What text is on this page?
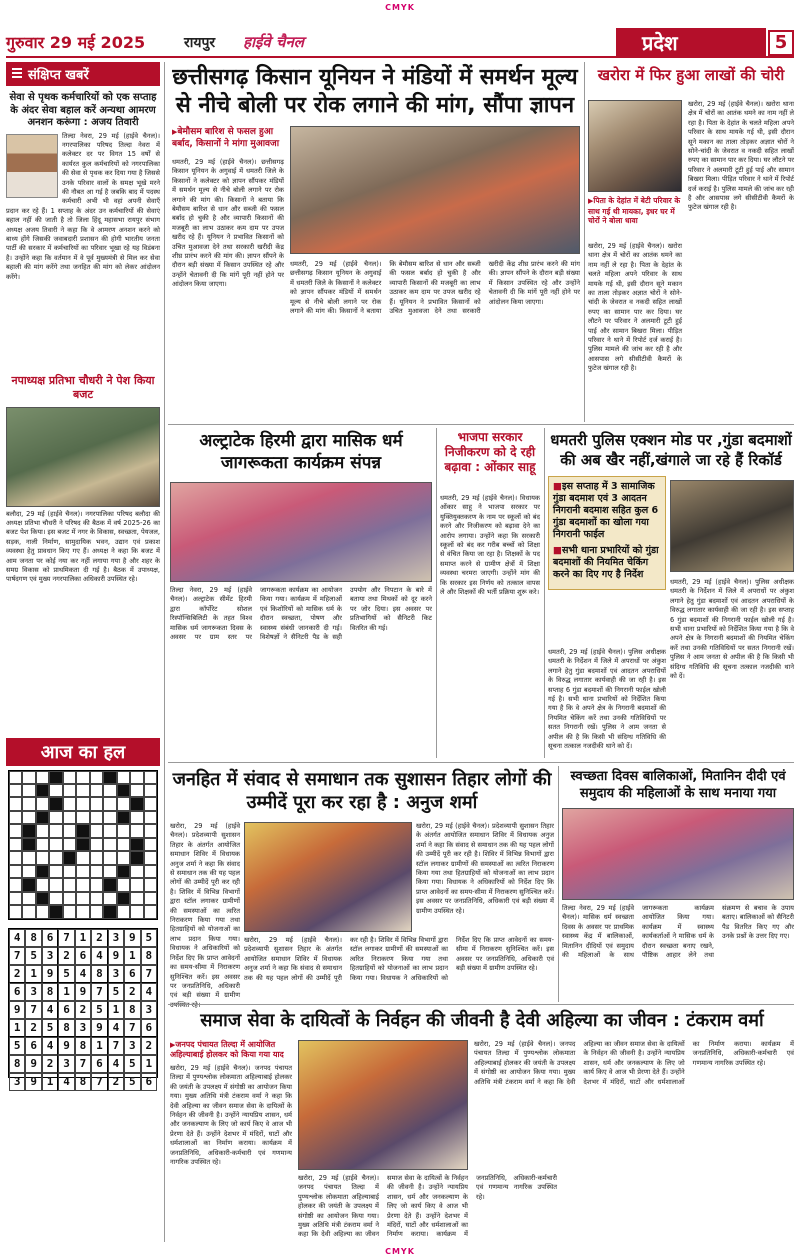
CMYK
गुरुवार 29 मई 2025	रायपुर हाईवे चैनल	प्रदेश	5
संक्षिप्त खबरें
सेवा से पृथक कर्मचारियों को एक सप्ताह के अंदर सेवा बहाल करें अन्यथा आमरण अनशन करूंगा : अजय तिवारी
तिल्दा नेवरा, 29 मई (हाईवे चैनल)। नगरपालिका परिषद तिल्दा नेवरा में कलेक्टर दर पर विगत 15 वर्षों से कार्यरत कुल कर्मचारियों को नगरपालिका की सेवा से पृथक कर दिया गया है जिससे उनके परिवार वालों के समक्ष भूखे मरने की नौबत आ गई है जबकि बाद में पदस्थ कर्मचारी अभी भी वहां अपनी सेवाएँ प्रदान कर रहे हैं। 1 सप्ताह के अंदर उन कर्मचारियों की सेवाएं बहाल नहीं की जाती है तो जिला हिंदू महासभा रायपुर संभाग अध्यक्ष अजय तिवारी ने कहा कि वे आमरण अनशन करने को बाध्य होंगे जिसकी जवाबदारी प्रशासन की होगी भारतीय जनता पार्टी की सरकार में कर्मचारियों का परिवार भूखा रहे यह विडंबना है। उन्होंने कहा कि वर्तमान में वे पूर्व मुख्यमंत्री से मिल कर सेवा बहाली की मांग करेंगे तथा जनहित की मांग को लेकर आंदोलन करेंगे।
नपाध्यक्ष प्रतिभा चौधरी ने पेश किया बजट
बलौदा, 29 मई (हाईवे चैनल)। नगरपालिका परिषद बलौदा की अध्यक्ष प्रतिभा चौधरी ने परिषद की बैठक में वर्ष 2025-26 का बजट पेश किया। इस बजट में नगर के विकास, स्वच्छता, पेयजल, सड़क, नाली निर्माण, सामुदायिक भवन, उद्यान एवं प्रकाश व्यवस्था हेतु प्रावधान किए गए हैं। अध्यक्ष ने कहा कि बजट में आम जनता पर कोई नया कर नहीं लगाया गया है और शहर के समग्र विकास को प्राथमिकता दी गई है। बैठक में उपाध्यक्ष, पार्षदगण एवं मुख्य नगरपालिका अधिकारी उपस्थित रहे।
आज का हल
4 8 6 7 1 2 3 9 5
7 5 3 2 6 4 9 1 8
2 1 9 5 4 8 3 6 7
6 3 8 1 9 7 5 2 4
9 7 4 6 2 5 1 8 3
1 2 5 8 3 9 4 7 6
5 6 4 9 8 1 7 3 2
8 9 2 3 7 6 4 5 1
3 9 1 4 8 7 2 5 6
छत्तीसगढ़ किसान यूनियन ने मंडियों में समर्थन मूल्य से नीचे बोली पर रोक लगाने की मांग, सौंपा ज्ञापन
▶ बेमौसम बारिश से फसल हुआ बर्बाद, किसानों ने मांगा मुआवजा
धमतरी, 29 मई (हाईवे चैनल)। छत्तीसगढ़ किसान यूनियन के अगुवाई में धमतरी जिले के किसानों ने कलेक्टर को ज्ञापन सौंपकर मंडियों में समर्थन मूल्य से नीचे बोली लगाने पर रोक लगाने की मांग की। किसानों ने बताया कि बेमौसम बारिश से धान और सब्जी की फसल बर्बाद हो चुकी है और व्यापारी किसानों की मजबूरी का लाभ उठाकर कम दाम पर उपज खरीद रहे हैं। यूनियन ने प्रभावित किसानों को उचित मुआवजा देने तथा सरकारी खरीदी केंद्र शीघ्र प्रारंभ करने की मांग की। ज्ञापन सौंपने के दौरान बड़ी संख्या में किसान उपस्थित रहे और उन्होंने चेतावनी दी कि मांगें पूरी नहीं होने पर आंदोलन किया जाएगा।
धमतरी, 29 मई (हाईवे चैनल)। छत्तीसगढ़ किसान यूनियन के अगुवाई में धमतरी जिले के किसानों ने कलेक्टर को ज्ञापन सौंपकर मंडियों में समर्थन मूल्य से नीचे बोली लगाने पर रोक लगाने की मांग की। किसानों ने बताया कि बेमौसम बारिश से धान और सब्जी की फसल बर्बाद हो चुकी है और व्यापारी किसानों की मजबूरी का लाभ उठाकर कम दाम पर उपज खरीद रहे हैं। यूनियन ने प्रभावित किसानों को उचित मुआवजा देने तथा सरकारी खरीदी केंद्र शीघ्र प्रारंभ करने की मांग की। ज्ञापन सौंपने के दौरान बड़ी संख्या में किसान उपस्थित रहे और उन्होंने चेतावनी दी कि मांगें पूरी नहीं होने पर आंदोलन किया जाएगा।
खरोरा में फिर हुआ लाखों की चोरी
▶ पिता के देहांत में बेटी परिवार के साथ गई थी मायका, इधर घर में चोरों ने बोला धावा
खरोरा, 29 मई (हाईवे चैनल)। खरोरा थाना क्षेत्र में चोरों का आतंक थमने का नाम नहीं ले रहा है। पिता के देहांत के चलते महिला अपने परिवार के साथ मायके गई थी, इसी दौरान सूने मकान का ताला तोड़कर अज्ञात चोरों ने सोने-चांदी के जेवरात व नकदी सहित लाखों रुपए का सामान पार कर दिया। घर लौटने पर परिवार ने अलमारी टूटी हुई पाई और सामान बिखरा मिला। पीड़ित परिवार ने थाने में रिपोर्ट दर्ज कराई है। पुलिस मामले की जांच कर रही है और आसपास लगे सीसीटीवी कैमरों के फुटेज खंगाल रही है।
खरोरा, 29 मई (हाईवे चैनल)। खरोरा थाना क्षेत्र में चोरों का आतंक थमने का नाम नहीं ले रहा है। पिता के देहांत के चलते महिला अपने परिवार के साथ मायके गई थी, इसी दौरान सूने मकान का ताला तोड़कर अज्ञात चोरों ने सोने-चांदी के जेवरात व नकदी सहित लाखों रुपए का सामान पार कर दिया। घर लौटने पर परिवार ने अलमारी टूटी हुई पाई और सामान बिखरा मिला। पीड़ित परिवार ने थाने में रिपोर्ट दर्ज कराई है। पुलिस मामले की जांच कर रही है और आसपास लगे सीसीटीवी कैमरों के फुटेज खंगाल रही है।
अल्ट्राटेक हिरमी द्वारा मासिक धर्म जागरूकता कार्यक्रम संपन्न
तिल्दा नेवरा, 29 मई (हाईवे चैनल)। अल्ट्राटेक सीमेंट हिरमी द्वारा कॉर्पोरेट सोशल रिस्पॉन्सिबिलिटी के तहत विश्व मासिक धर्म जागरूकता दिवस के अवसर पर ग्राम स्तर पर जागरूकता कार्यक्रम का आयोजन किया गया। कार्यक्रम में महिलाओं एवं किशोरियों को मासिक धर्म के दौरान स्वच्छता, पोषण और स्वास्थ्य संबंधी जानकारी दी गई। विशेषज्ञों ने सैनिटरी पैड के सही उपयोग और निपटान के बारे में बताया तथा मिथकों को दूर करने पर जोर दिया। इस अवसर पर प्रतिभागियों को सैनिटरी किट वितरित की गई।
भाजपा सरकार निजीकरण को दे रही बढ़ावा : ओंकार साहू
धमतरी, 29 मई (हाईवे चैनल)। विधायक ओंकार साहू ने भाजपा सरकार पर युक्तियुक्तकरण के नाम पर स्कूलों को बंद करने और निजीकरण को बढ़ावा देने का आरोप लगाया। उन्होंने कहा कि सरकारी स्कूलों को बंद कर गरीब बच्चों को शिक्षा से वंचित किया जा रहा है। शिक्षकों के पद समाप्त करने से ग्रामीण क्षेत्रों में शिक्षा व्यवस्था चरमरा जाएगी। उन्होंने मांग की कि सरकार इस निर्णय को तत्काल वापस ले और शिक्षकों की भर्ती प्रक्रिया शुरू करे।
धमतरी पुलिस एक्शन मोड पर ,गुंडा बदमाशों की अब खैर नहीं,खंगाले जा रहे हैं रिकॉर्ड

■ इस सप्ताह में 3 सामाजिक गुंडा बदमाश एवं 3 आदतन निगरानी बदमाश सहित कुल 6 गुंडा बदमाशों का खोला गया निगरानी फाईल

■ सभी थाना प्रभारियों को गुंडा बदमाशों की नियमित चेकिंग करने का दिए गए है निर्देश

धमतरी, 29 मई (हाईवे चैनल)। पुलिस अधीक्षक धमतरी के निर्देशन में जिले में अपराधों पर अंकुश लगाने हेतु गुंडा बदमाशों एवं आदतन अपराधियों के विरुद्ध लगातार कार्यवाही की जा रही है। इस सप्ताह 6 गुंडा बदमाशों की निगरानी फाईल खोली गई है। सभी थाना प्रभारियों को निर्देशित किया गया है कि वे अपने क्षेत्र के निगरानी बदमाशों की नियमित चेकिंग करें तथा उनकी गतिविधियों पर सतत निगरानी रखें। पुलिस ने आम जनता से अपील की है कि किसी भी संदिग्ध गतिविधि की सूचना तत्काल नजदीकी थाने को दें।
धमतरी, 29 मई (हाईवे चैनल)। पुलिस अधीक्षक धमतरी के निर्देशन में जिले में अपराधों पर अंकुश लगाने हेतु गुंडा बदमाशों एवं आदतन अपराधियों के विरुद्ध लगातार कार्यवाही की जा रही है। इस सप्ताह 6 गुंडा बदमाशों की निगरानी फाईल खोली गई है। सभी थाना प्रभारियों को निर्देशित किया गया है कि वे अपने क्षेत्र के निगरानी बदमाशों की नियमित चेकिंग करें तथा उनकी गतिविधियों पर सतत निगरानी रखें। पुलिस ने आम जनता से अपील की है कि किसी भी संदिग्ध गतिविधि की सूचना तत्काल नजदीकी थाने को दें।
जनहित में संवाद से समाधान तक सुशासन तिहार लोगों की उम्मीदें पूरा कर रहा है : अनुज शर्मा
खरोरा, 29 मई (हाईवे चैनल)। प्रदेशव्यापी सुशासन तिहार के अंतर्गत आयोजित समाधान शिविर में विधायक अनुज शर्मा ने कहा कि संवाद से समाधान तक की यह पहल लोगों की उम्मीदें पूरी कर रही है। शिविर में विभिन्न विभागों द्वारा स्टॉल लगाकर ग्रामीणों की समस्याओं का त्वरित निराकरण किया गया तथा हितग्राहियों को योजनाओं का लाभ प्रदान किया गया। विधायक ने अधिकारियों को निर्देश दिए कि प्राप्त आवेदनों का समय-सीमा में निराकरण सुनिश्चित करें। इस अवसर पर जनप्रतिनिधि, अधिकारी एवं बड़ी संख्या में ग्रामीण
खरोरा, 29 मई (हाईवे चैनल)। प्रदेशव्यापी सुशासन तिहार के अंतर्गत आयोजित समाधान शिविर में विधायक अनुज शर्मा ने कहा कि संवाद से समाधान तक की यह पहल लोगों की उम्मीदें पूरी कर रही है। शिविर में विभिन्न विभागों द्वारा स्टॉल लगाकर ग्रामीणों की समस्याओं का त्वरित निराकरण किया गया तथा हितग्राहियों को योजनाओं का लाभ प्रदान किया गया। विधायक ने अधिकारियों को निर्देश दिए कि प्राप्त आवेदनों का समय-सीमा में निराकरण सुनिश्चित करें। इस अवसर पर जनप्रतिनिधि, अधिकारी एवं बड़ी संख्या में ग्रामीण उपस्थित रहे।
खरोरा, 29 मई (हाईवे चैनल)। प्रदेशव्यापी सुशासन तिहार के अंतर्गत आयोजित समाधान शिविर में विधायक अनुज शर्मा ने कहा कि संवाद से समाधान तक की यह पहल लोगों की उम्मीदें पूरी कर रही है। शिविर में विभिन्न विभागों द्वारा स्टॉल लगाकर ग्रामीणों की समस्याओं का त्वरित निराकरण किया गया तथा हितग्राहियों को योजनाओं का लाभ प्रदान किया गया। विधायक ने अधिकारियों को निर्देश दिए कि प्राप्त आवेदनों का समय-सीमा में निराकरण सुनिश्चित करें। इस अवसर पर जनप्रतिनिधि, अधिकारी एवं बड़ी संख्या में ग्रामीण उपस्थित रहे।
स्वच्छता दिवस बालिकाओं, मितानिन दीदी एवं समुदाय की महिलाओं के साथ मनाया गया
तिल्दा नेवरा, 29 मई (हाईवे चैनल)। मासिक धर्म स्वच्छता दिवस के अवसर पर प्राथमिक स्वास्थ्य केंद्र में बालिकाओं, मितानिन दीदियों एवं समुदाय की महिलाओं के साथ जागरूकता कार्यक्रम आयोजित किया गया। कार्यक्रम में स्वास्थ्य कार्यकर्ताओं ने मासिक धर्म के दौरान स्वच्छता बनाए रखने, पौष्टिक आहार लेने तथा संक्रमण से बचाव के उपाय बताए। बालिकाओं को सैनिटरी पैड वितरित किए गए और उनके प्रश्नों के उत्तर दिए गए।
समाज सेवा के दायित्वों के निर्वहन की जीवनी है देवी अहिल्या का जीवन : टंकराम वर्मा
▶ जनपद पंचायत तिल्दा में आयोजित अहिल्याबाई होलकर को किया गया याद
खरोरा, 29 मई (हाईवे चैनल)। जनपद पंचायत तिल्दा में पुण्यश्लोक लोकमाता अहिल्याबाई होलकर की जयंती के उपलक्ष्य में संगोष्ठी का आयोजन किया गया। मुख्य अतिथि मंत्री टंकराम वर्मा ने कहा कि देवी अहिल्या का जीवन समाज सेवा के दायित्वों के निर्वहन की जीवनी है। उन्होंने न्यायप्रिय शासन, धर्म और जनकल्याण के लिए जो कार्य किए वे आज भी प्रेरणा देते हैं। उन्होंने देशभर में मंदिरों, घाटों और धर्मशालाओं का निर्माण कराया। कार्यक्रम में जनप्रतिनिधि, अधिकारी-कर्मचारी एवं गणमान्य नागरिक उपस्थित रहे।
खरोरा, 29 मई (हाईवे चैनल)। जनपद पंचायत तिल्दा में पुण्यश्लोक लोकमाता अहिल्याबाई होलकर की जयंती के उपलक्ष्य में संगोष्ठी का आयोजन किया गया। मुख्य अतिथि मंत्री टंकराम वर्मा ने कहा कि देवी अहिल्या का जीवन समाज सेवा के दायित्वों के निर्वहन की जीवनी है। उन्होंने न्यायप्रिय शासन, धर्म और जनकल्याण के लिए जो कार्य किए वे आज भी प्रेरणा देते हैं। उन्होंने देशभर में मंदिरों, घाटों और धर्मशालाओं का निर्माण कराया। कार्यक्रम में जनप्रतिनिधि, अधिकारी-कर्मचारी एवं गणमान्य नागरिक उपस्थित रहे।
खरोरा, 29 मई (हाईवे चैनल)। जनपद पंचायत तिल्दा में पुण्यश्लोक लोकमाता अहिल्याबाई होलकर की जयंती के उपलक्ष्य में संगोष्ठी का आयोजन किया गया। मुख्य अतिथि मंत्री टंकराम वर्मा ने कहा कि देवी अहिल्या का जीवन समाज सेवा के दायित्वों के निर्वहन की जीवनी है। उन्होंने न्यायप्रिय शासन, धर्म और जनकल्याण के लिए जो कार्य किए वे आज भी प्रेरणा देते हैं। उन्होंने देशभर में मंदिरों, घाटों और धर्मशालाओं का निर्माण कराया। कार्यक्रम में जनप्रतिनिधि, अधिकारी-कर्मचारी एवं गणमान्य नागरिक उपस्थित रहे।
CMYK
